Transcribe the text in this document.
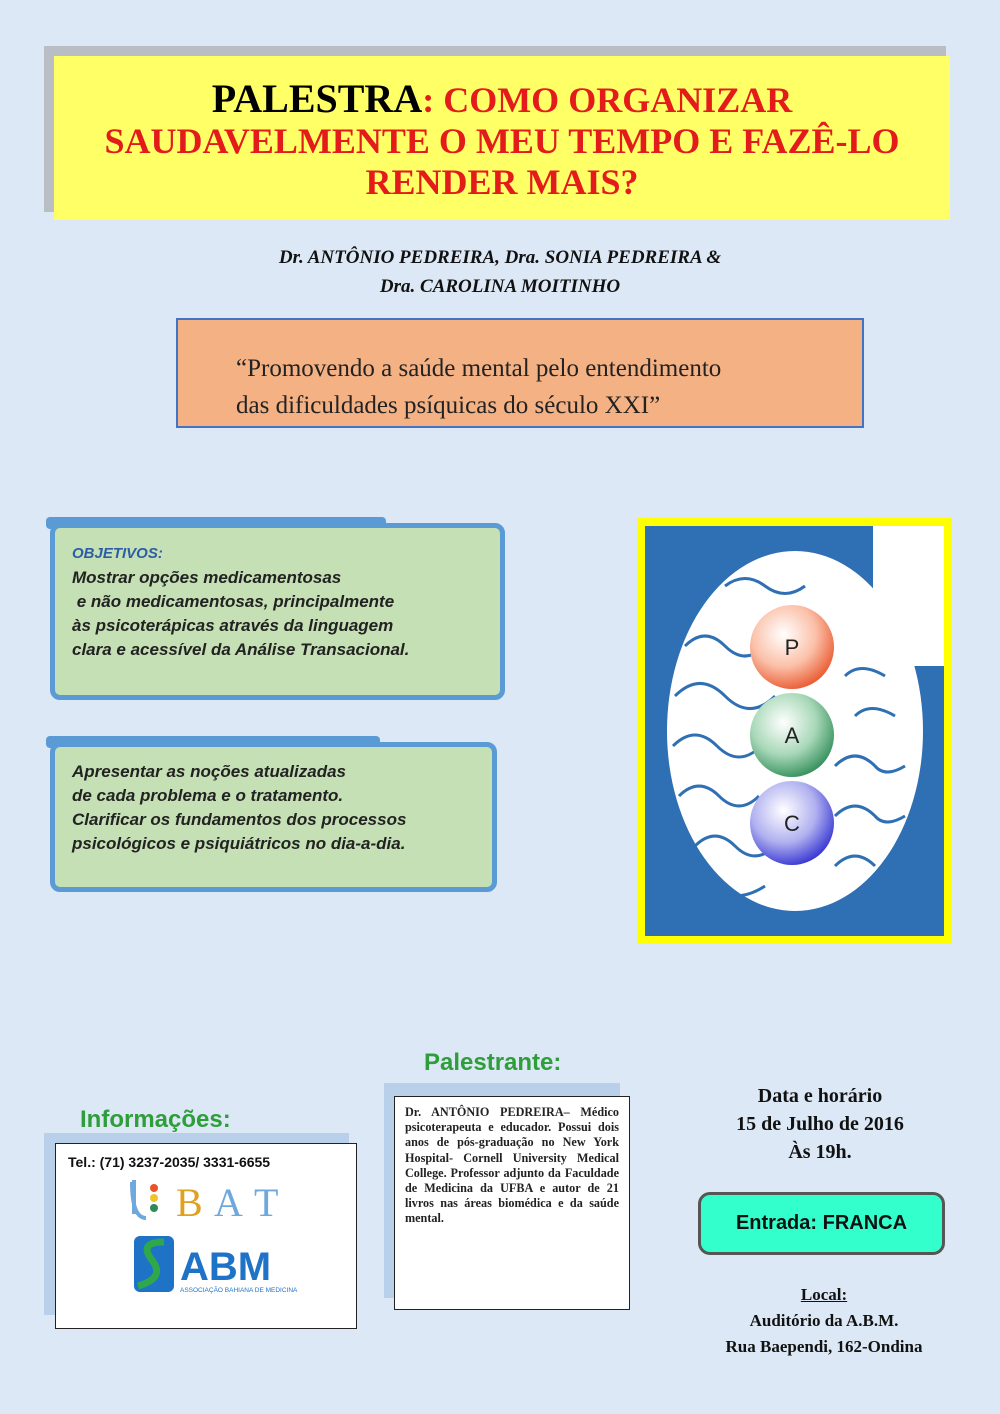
PALESTRA: COMO ORGANIZAR
SAUDAVELMENTE O MEU TEMPO E FAZÊ-LO
RENDER MAIS?
Dr. ANTÔNIO PEDREIRA, Dra. SONIA PEDREIRA &
Dra. CAROLINA MOITINHO
“Promovendo a saúde mental pelo entendimento
das dificuldades psíquicas do século XXI”
OBJETIVOS:
Mostrar opções medicamentosas
e não medicamentosas, principalmente
às psicoterápicas através da linguagem
clara e acessível da Análise Transacional.
Apresentar as noções atualizadas
de cada problema e o tratamento.
Clarificar os fundamentos dos processos
psicológicos e psiquiátricos no dia-a-dia.
P
A
C
Palestrante:
Dr. ANTÔNIO PEDREIRA– Médico psicoterapeuta e educador. Possui dois anos de pós-graduação no New York Hospital- Cornell University Medical College. Professor adjunto da Faculdade de Medicina da UFBA e autor de 21 livros nas áreas biomédica e da saúde mental.
Informações:
Tel.: (71) 3237-2035/ 3331-6655
B A T
ABM
ASSOCIAÇÃO BAHIANA DE MEDICINA
Data e horário
15 de Julho de 2016
Às 19h.
Entrada: FRANCA
Local:
Auditório da A.B.M.
Rua Baependi, 162-Ondina
